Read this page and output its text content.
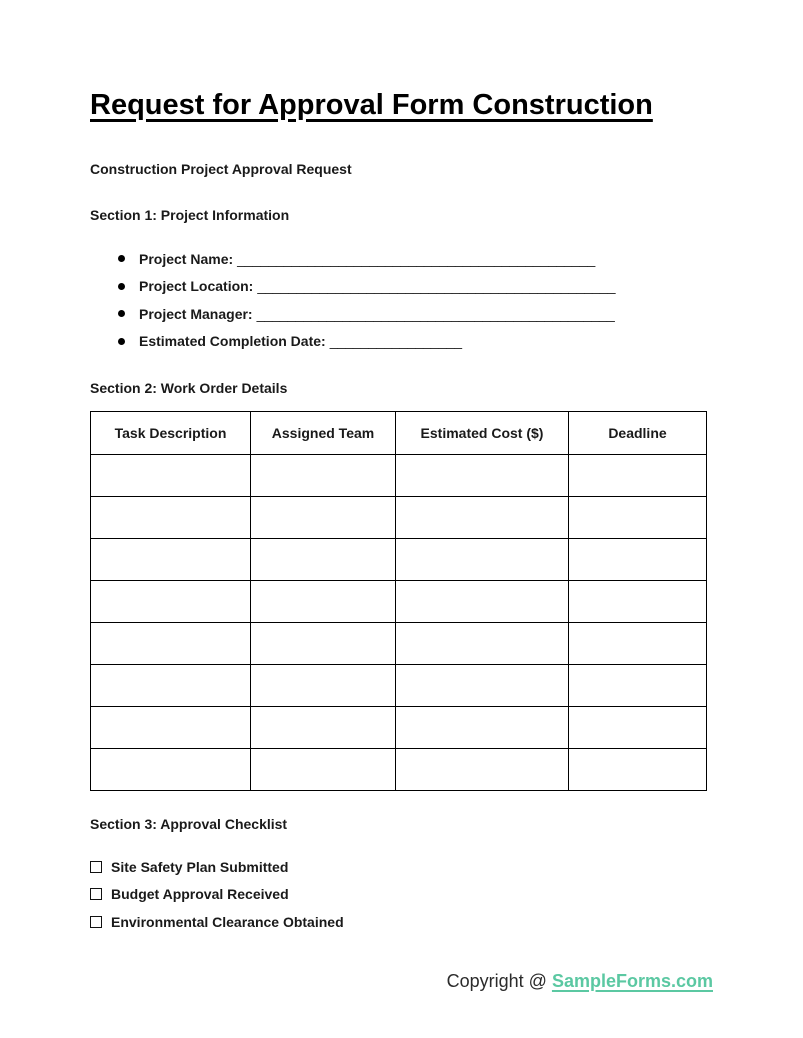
Request for Approval Form Construction
Construction Project Approval Request
Section 1: Project Information
Project Name: ______________________________________________
Project Location: ______________________________________________
Project Manager: ______________________________________________
Estimated Completion Date: _________________
Section 2: Work Order Details
Task Description	Assigned Team	Estimated Cost ($)	Deadline

Section 3: Approval Checklist
Site Safety Plan Submitted
Budget Approval Received
Environmental Clearance Obtained
Copyright @ SampleForms.com
